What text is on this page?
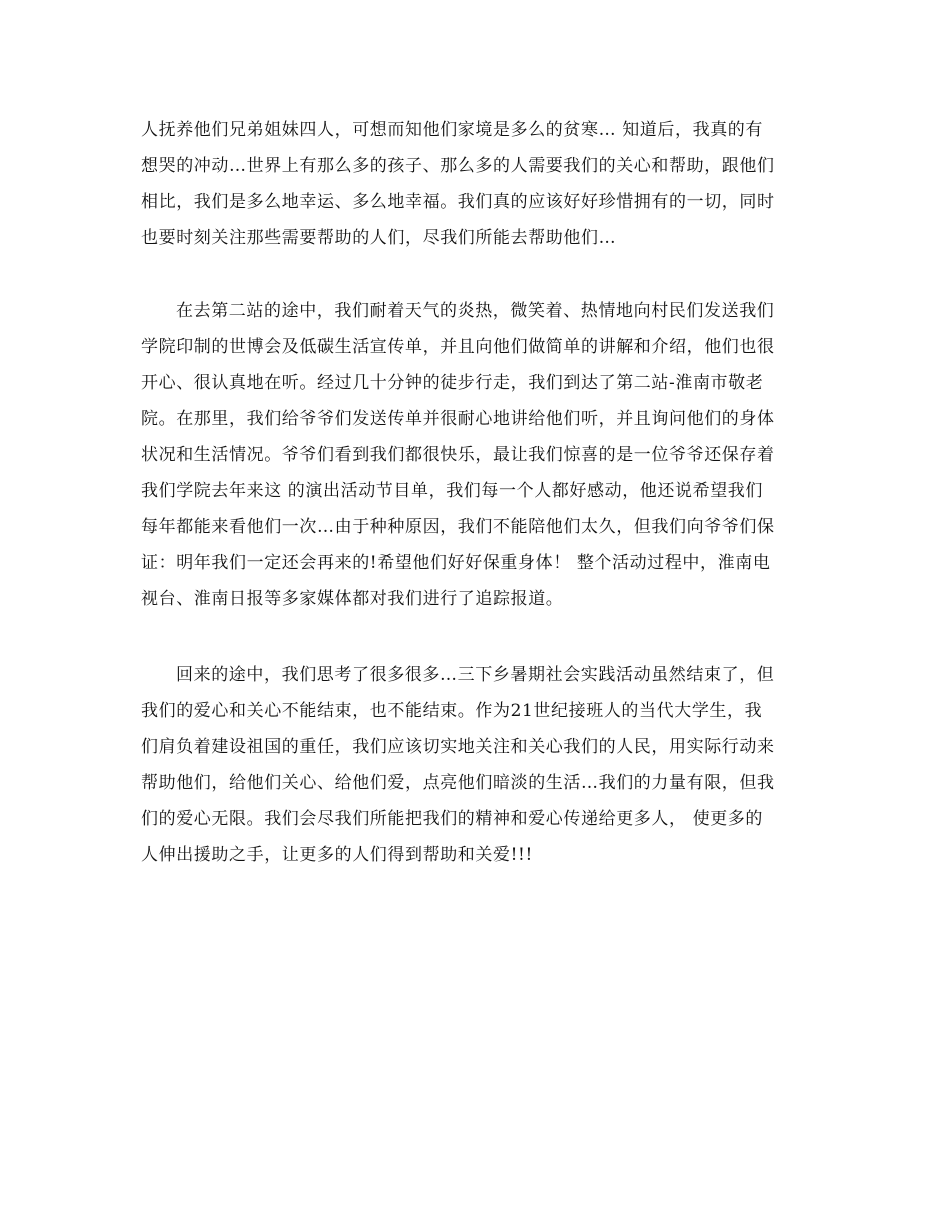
人抚养他们兄弟姐妹四人，可想而知他们家境是多么的贫寒… 知道后，我真的有
想哭的冲动…世界上有那么多的孩子、那么多的人需要我们的关心和帮助，跟他们
相比，我们是多么地幸运、多么地幸福。我们真的应该好好珍惜拥有的一切，同时
也要时刻关注那些需要帮助的人们，尽我们所能去帮助他们…
在去第二站的途中，我们耐着天气的炎热，微笑着、热情地向村民们发送我们
学院印制的世博会及低碳生活宣传单，并且向他们做简单的讲解和介绍，他们也很
开心、很认真地在听。经过几十分钟的徒步行走，我们到达了第二站-淮南市敬老
院。在那里，我们给爷爷们发送传单并很耐心地讲给他们听，并且询问他们的身体
状况和生活情况。爷爷们看到我们都很快乐，最让我们惊喜的是一位爷爷还保存着
我们学院去年来这 的演出活动节目单，我们每一个人都好感动，他还说希望我们
每年都能来看他们一次…由于种种原因，我们不能陪他们太久，但我们向爷爷们保
证：明年我们一定还会再来的!希望他们好好保重身体！ 整个活动过程中，淮南电
视台、淮南日报等多家媒体都对我们进行了追踪报道。
回来的途中，我们思考了很多很多…三下乡暑期社会实践活动虽然结束了，但
我们的爱心和关心不能结束，也不能结束。作为21世纪接班人的当代大学生，我
们肩负着建设祖国的重任，我们应该切实地关注和关心我们的人民，用实际行动来
帮助他们，给他们关心、给他们爱，点亮他们暗淡的生活…我们的力量有限，但我
们的爱心无限。我们会尽我们所能把我们的精神和爱心传递给更多人， 使更多的
人伸出援助之手，让更多的人们得到帮助和关爱!!!
